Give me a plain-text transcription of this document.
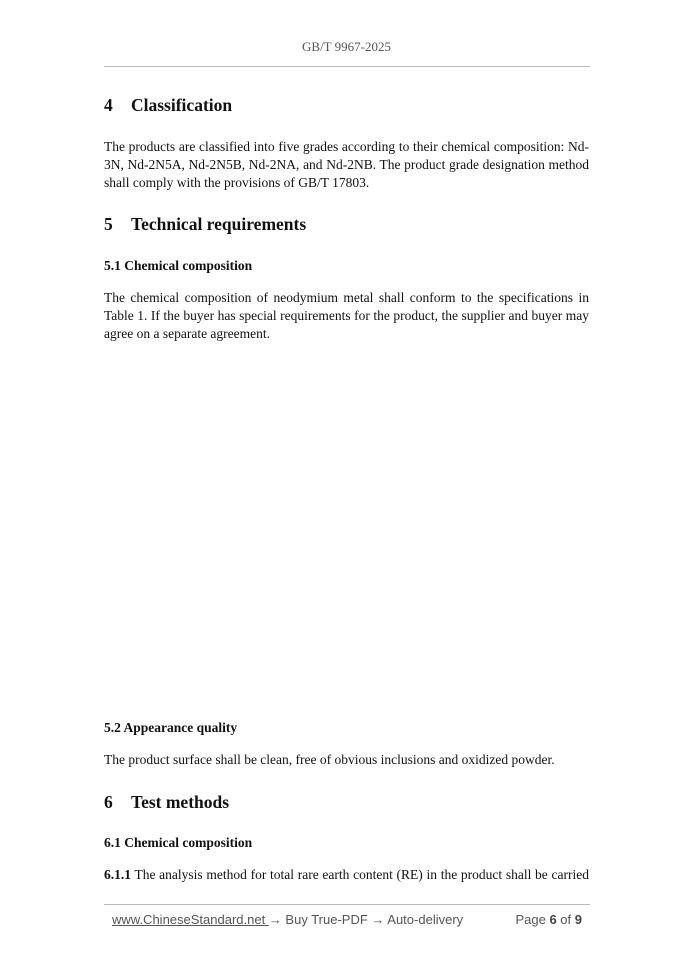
GB/T 9967-2025
4 Classification

The products are classified into five grades according to their chemical composition: Nd-3N, Nd-2N5A, Nd-2N5B, Nd-2NA, and Nd-2NB. The product grade designation method shall comply with the provisions of GB/T 17803.

5 Technical requirements
5.1 Chemical composition

The chemical composition of neodymium metal shall conform to the specifications in Table 1. If the buyer has special requirements for the product, the supplier and buyer may agree on a separate agreement.

5.2 Appearance quality

The product surface shall be clean, free of obvious inclusions and oxidized powder.

6 Test methods
6.1 Chemical composition

6.1.1 The analysis method for total rare earth content (RE) in the product shall be carried

www.ChineseStandard.net → Buy True-PDF → Auto-delivery	Page 6 of 9
